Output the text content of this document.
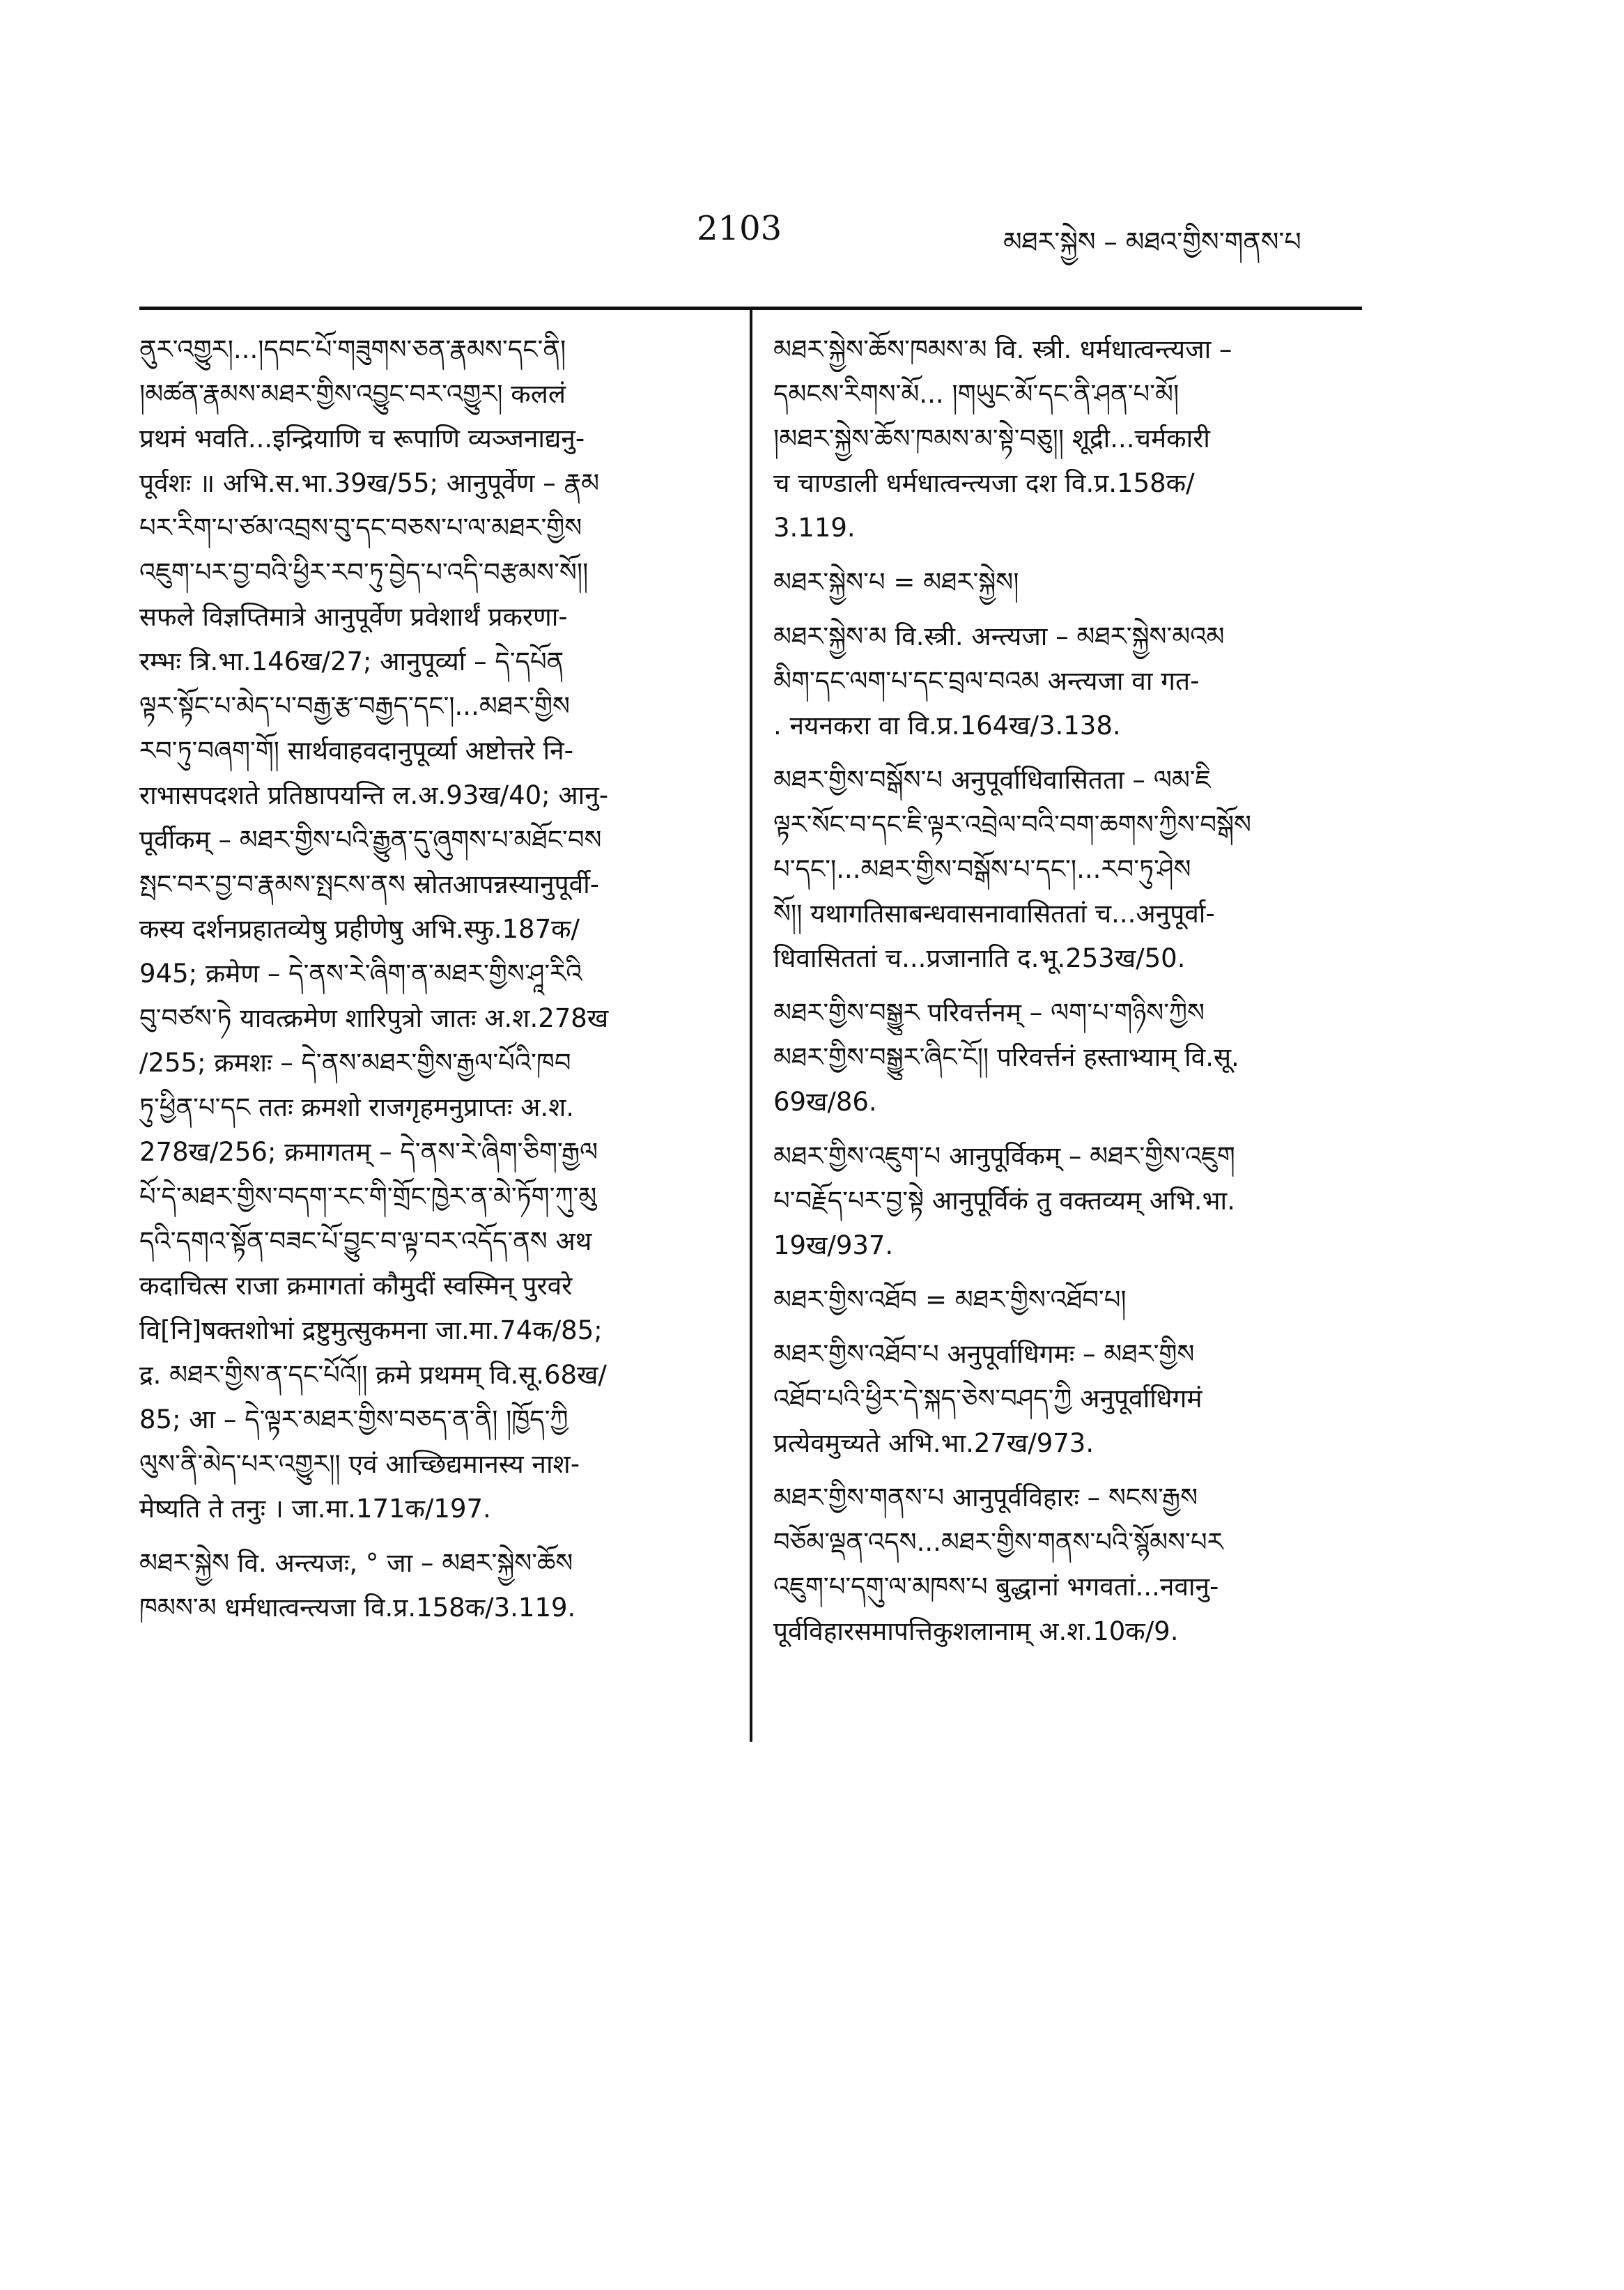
2103	མཐར་སྐྱེས – མཐའ་གྱིས་གནས་པ
ནུར་འགྱུར།...།དབང་པོ་གཟུགས་ཅན་རྣམས་དང་ནི།
།མཚན་རྣམས་མཐར་གྱིས་འབྱུང་བར་འགྱུར། कललं
प्रथमं भवति...इन्द्रियाणि च रूपाणि व्यञ्जनाद्यनु-
पूर्वशः ॥ अभि.स.भा.39ख/55; आनुपूर्वेण – རྣམ
པར་རིག་པ་ཙམ་འབྲས་བུ་དང་བཅས་པ་ལ་མཐར་གྱིས
འཇུག་པར་བྱ་བའི་ཕྱིར་རབ་ཏུ་བྱེད་པ་འདི་བརྩམས་སོ།།
सफले विज्ञप्तिमात्रे आनुपूर्वेण प्रवेशार्थं प्रकरणा-
रम्भः त्रि.भा.146ख/27; आनुपूर्व्या – དེ་དཔོན
ལྟར་སྟོང་པ་མེད་པ་བརྒྱ་རྩ་བརྒྱད་དང་།...མཐར་གྱིས
རབ་ཏུ་བཞག་གོ། सार्थवाहवदानुपूर्व्या अष्टोत्तरे नि-
राभासपदशते प्रतिष्ठापयन्ति ल.अ.93ख/40; आनु-
पूर्वीकम् – མཐར་གྱིས་པའི་རྒྱུན་དུ་ཞུགས་པ་མཐོང་བས
སྤང་བར་བྱ་བ་རྣམས་སྤངས་ནས स्रोतआपन्नस्यानुपूर्वी-
कस्य दर्शनप्रहातव्येषु प्रहीणेषु अभि.स्फु.187क/
945; क्रमेण – དེ་ནས་རེ་ཞིག་ན་མཐར་གྱིས་ཤཱ་རིའི
བུ་བཙས་ཏེ यावत्क्रमेण शारिपुत्रो जातः अ.श.278ख
/255; क्रमशः – དེ་ནས་མཐར་གྱིས་རྒྱལ་པོའི་ཁབ
ཏུ་ཕྱིན་པ་དང ततः क्रमशो राजगृहमनुप्राप्तः अ.श.
278ख/256; क्रमागतम् – དེ་ནས་རེ་ཞིག་ཅིག་རྒྱལ
པོ་དེ་མཐར་གྱིས་བདག་རང་གི་གྲོང་ཁྱེར་ན་མེ་ཏོག་ཀུ་མུ
དའི་དགའ་སྟོན་བཟང་པོ་བྱུང་བ་ལྟ་བར་འདོད་ནས अथ
कदाचित्स राजा क्रमागतां कौमुदीं स्वस्मिन् पुरवरे
वि[नि]षक्तशोभां द्रष्टुमुत्सुकमना जा.मा.74क/85;
द्र. མཐར་གྱིས་ན་དང་པོའོ།། क्रमे प्रथमम् वि.सू.68ख/
85; आ – དེ་ལྟར་མཐར་གྱིས་བཅད་ན་ནི། །ཁྱོད་ཀྱི
ལུས་ནི་མེད་པར་འགྱུར།། एवं आच्छिद्यमानस्य नाश-
मेष्यति ते तनुः । जा.मा.171क/197.
མཐར་སྐྱེས वि. अन्त्यजः, ° जा – མཐར་སྐྱེས་ཆོས
ཁམས་མ धर्मधात्वन्त्यजा वि.प्र.158क/3.119.
མཐར་སྐྱེས་ཆོས་ཁམས་མ वि. स्त्री. धर्मधात्वन्त्यजा –
དམངས་རིགས་མོ... །གཡུང་མོ་དང་ནི་ཤན་པ་མོ།
།མཐར་སྐྱེས་ཆོས་ཁམས་མ་སྟེ་བཅུ།། शूद्री...चर्मकारी
च चाण्डाली धर्मधात्वन्त्यजा दश वि.प्र.158क/
3.119.
མཐར་སྐྱེས་པ = མཐར་སྐྱེས།
མཐར་སྐྱེས་མ वि.स्त्री. अन्त्यजा – མཐར་སྐྱེས་མའམ
མིག་དང་ལག་པ་དང་བྲལ་བའམ अन्त्यजा वा गत-
. नयनकरा वा वि.प्र.164ख/3.138.
མཐར་གྱིས་བསྒོས་པ अनुपूर्वाधिवासितता – ལམ་ཇི
ལྟར་སོང་བ་དང་ཇི་ལྟར་འབྲེལ་བའི་བག་ཆགས་ཀྱིས་བསྒོས
པ་དང་།...མཐར་གྱིས་བསྒོས་པ་དང་།...རབ་ཏུ་ཤེས
སོ།། यथागतिसाबन्धवासनावासिततां च...अनुपूर्वा-
धिवासिततां च...प्रजानाति द.भू.253ख/50.
མཐར་གྱིས་བསྒྱུར परिवर्त्तनम् – ལག་པ་གཉིས་ཀྱིས
མཐར་གྱིས་བསྒྱུར་ཞིང་ངོ།། परिवर्त्तनं हस्ताभ्याम् वि.सू.
69ख/86.
མཐར་གྱིས་འཇུག་པ आनुपूर्विकम् – མཐར་གྱིས་འཇུག
པ་བརྗོད་པར་བྱ་སྟེ आनुपूर्विकं तु वक्तव्यम् अभि.भा.
19ख/937.
མཐར་གྱིས་འཐོབ = མཐར་གྱིས་འཐོབ་པ།
མཐར་གྱིས་འཐོབ་པ अनुपूर्वाधिगमः – མཐར་གྱིས
འཐོབ་པའི་ཕྱིར་དེ་སྐད་ཅེས་བཤད་ཀྱི अनुपूर्वाधिगमं
प्रत्येवमुच्यते अभि.भा.27ख/973.
མཐར་གྱིས་གནས་པ आनुपूर्वविहारः – སངས་རྒྱས
བཅོམ་ལྡན་འདས...མཐར་གྱིས་གནས་པའི་སྙོམས་པར
འཇུག་པ་དགུ་ལ་མཁས་པ बुद्धानां भगवतां...नवानु-
पूर्वविहारसमापत्तिकुशलानाम् अ.श.10क/9.
